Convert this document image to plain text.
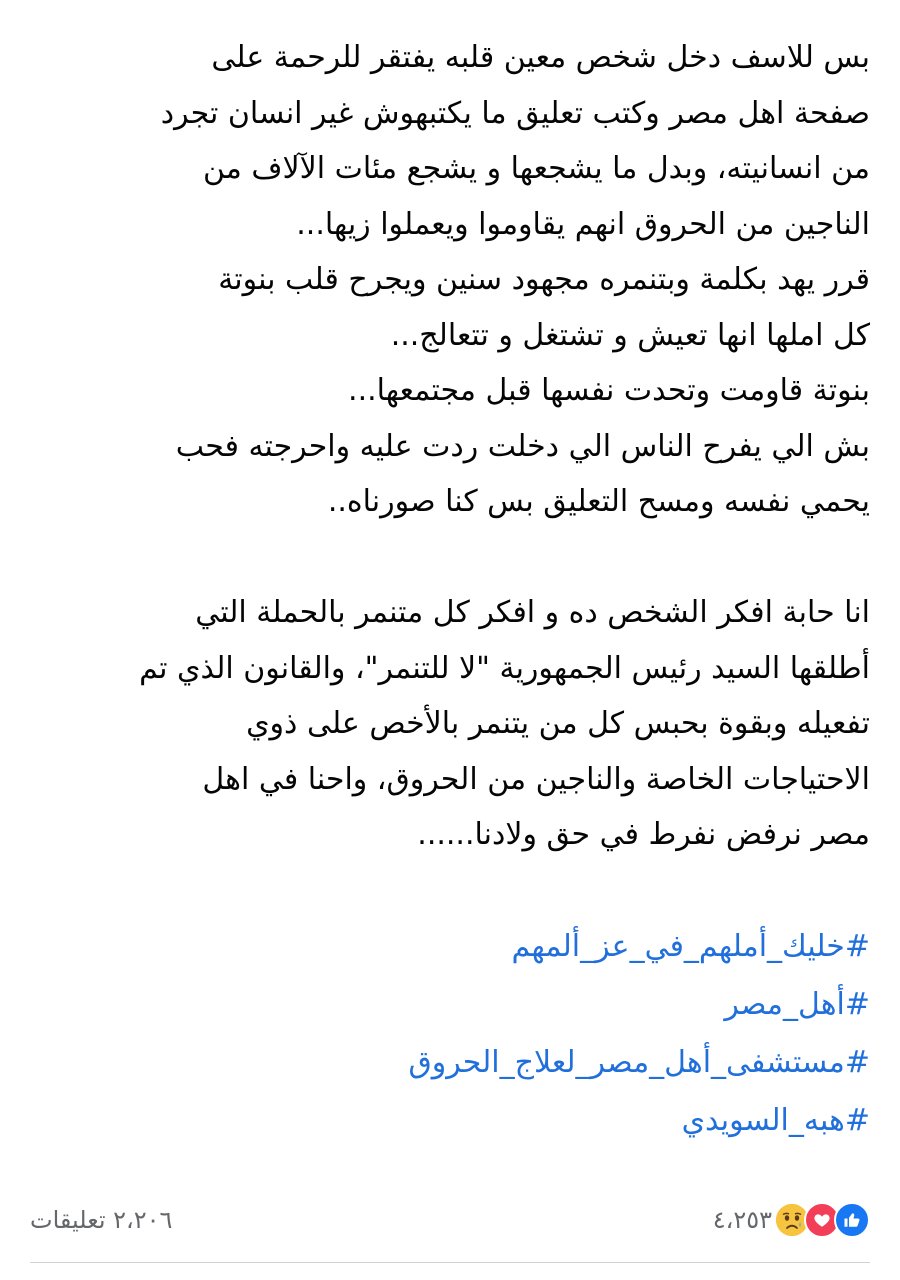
بس للاسف دخل شخص معين قلبه يفتقر للرحمة على
صفحة اهل مصر وكتب تعليق ما يكتبهوش غير انسان تجرد
من انسانيته، وبدل ما يشجعها و يشجع مئات الآلاف من
الناجين من الحروق انهم يقاوموا ويعملوا زيها...
قرر يهد بكلمة وبتنمره مجهود سنين ويجرح قلب بنوتة
كل املها انها تعيش و تشتغل و تتعالج...
بنوتة قاومت وتحدت نفسها قبل مجتمعها...
بش الي يفرح الناس الي دخلت ردت عليه واحرجته فحب
يحمي نفسه ومسح التعليق بس كنا صورناه..
انا حابة افكر الشخص ده و افكر كل متنمر بالحملة التي
أطلقها السيد رئيس الجمهورية "لا للتنمر"، والقانون الذي تم
تفعيله وبقوة بحبس كل من يتنمر بالأخص على ذوي
الاحتياجات الخاصة والناجين من الحروق، واحنا في اهل
مصر نرفض نفرط في حق ولادنا......
#خليك_أملهم_في_عز_ألمهم
#أهل_مصر
#مستشفى_أهل_مصر_لعلاج_الحروق
#هبه_السويدي
٤،٢٥٣
٢،٢٠٦ تعليقات
